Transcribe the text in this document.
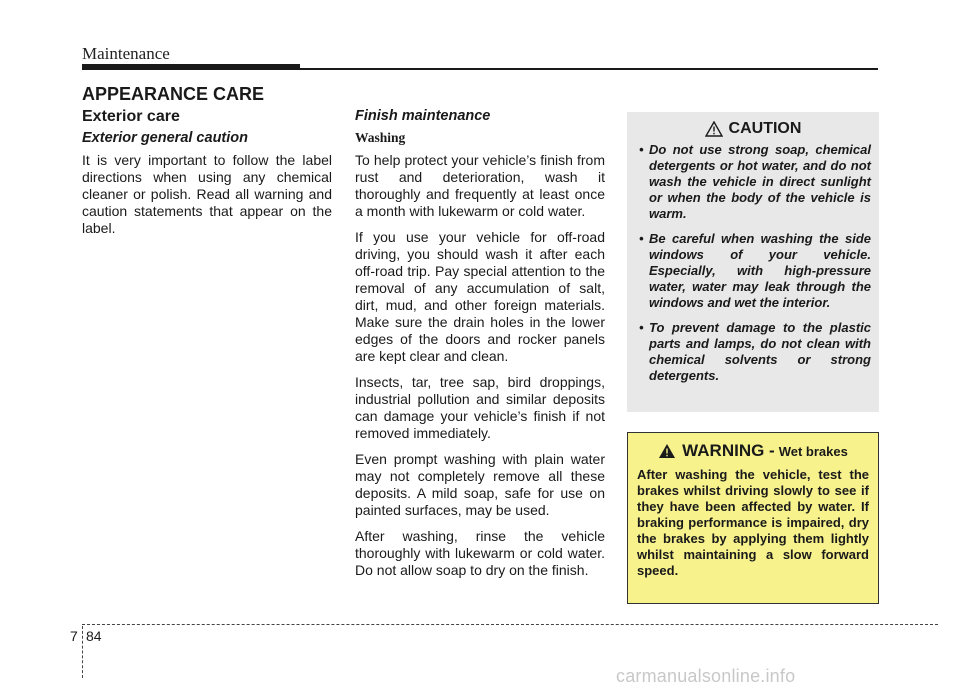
Maintenance
APPEARANCE CARE
Exterior care
Exterior general caution

It is very important to follow the label directions when using any chemical cleaner or polish. Read all warning and caution statements that appear on the label.

Finish maintenance
Washing

To help protect your vehicle’s finish from rust and deterioration, wash it thoroughly and frequently at least once a month with lukewarm or cold water.

If you use your vehicle for off-road driving, you should wash it after each off-road trip. Pay special attention to the removal of any accumulation of salt, dirt, mud, and other foreign materials. Make sure the drain holes in the lower edges of the doors and rocker panels are kept clear and clean.

Insects, tar, tree sap, bird droppings, industrial pollution and similar deposits can damage your vehicle’s finish if not removed immediately.

Even prompt washing with plain water may not completely remove all these deposits. A mild soap, safe for use on painted surfaces, may be used.

After washing, rinse the vehicle thoroughly with lukewarm or cold water. Do not allow soap to dry on the finish.

CAUTION
• Do not use strong soap, chemical detergents or hot water, and do not wash the vehicle in direct sunlight or when the body of the vehicle is warm.
• Be careful when washing the side windows of your vehicle. Especially, with high-pressure water, water may leak through the windows and wet the interior.
• To prevent damage to the plastic parts and lamps, do not clean with chemical solvents or strong detergents.
WARNING - Wet brakes

After washing the vehicle, test the brakes whilst driving slowly to see if they have been affected by water. If braking performance is impaired, dry the brakes by applying them lightly whilst maintaining a slow forward speed.

7 84
carmanualsonline.info
